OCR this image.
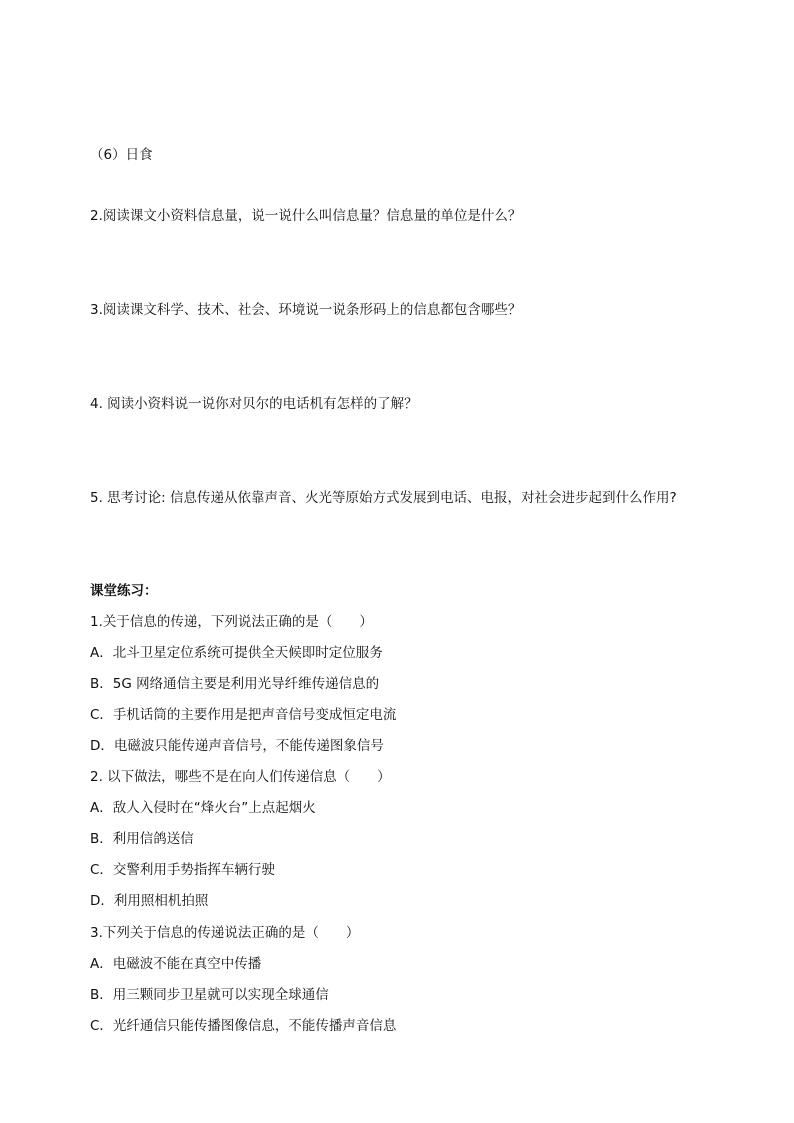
（6）日食

2.阅读课文小资料信息量，说一说什么叫信息量？信息量的单位是什么？

3.阅读课文科学、技术、社会、环境说一说条形码上的信息都包含哪些？

4. 阅读小资料说一说你对贝尔的电话机有怎样的了解？

5. 思考讨论: 信息传递从依靠声音、火光等原始方式发展到电话、电报，对社会进步起到什么作用?

课堂练习：

1.关于信息的传递，下列说法正确的是（　　）

A．北斗卫星定位系统可提供全天候即时定位服务

B．5G 网络通信主要是利用光导纤维传递信息的

C．手机话筒的主要作用是把声音信号变成恒定电流

D．电磁波只能传递声音信号，不能传递图象信号

2. 以下做法，哪些不是在向人们传递信息（　　）

A．敌人入侵时在“烽火台”上点起烟火

B．利用信鸽送信

C．交警利用手势指挥车辆行驶

D．利用照相机拍照

3.下列关于信息的传递说法正确的是（　　）

A．电磁波不能在真空中传播

B．用三颗同步卫星就可以实现全球通信

C．光纤通信只能传播图像信息，不能传播声音信息
